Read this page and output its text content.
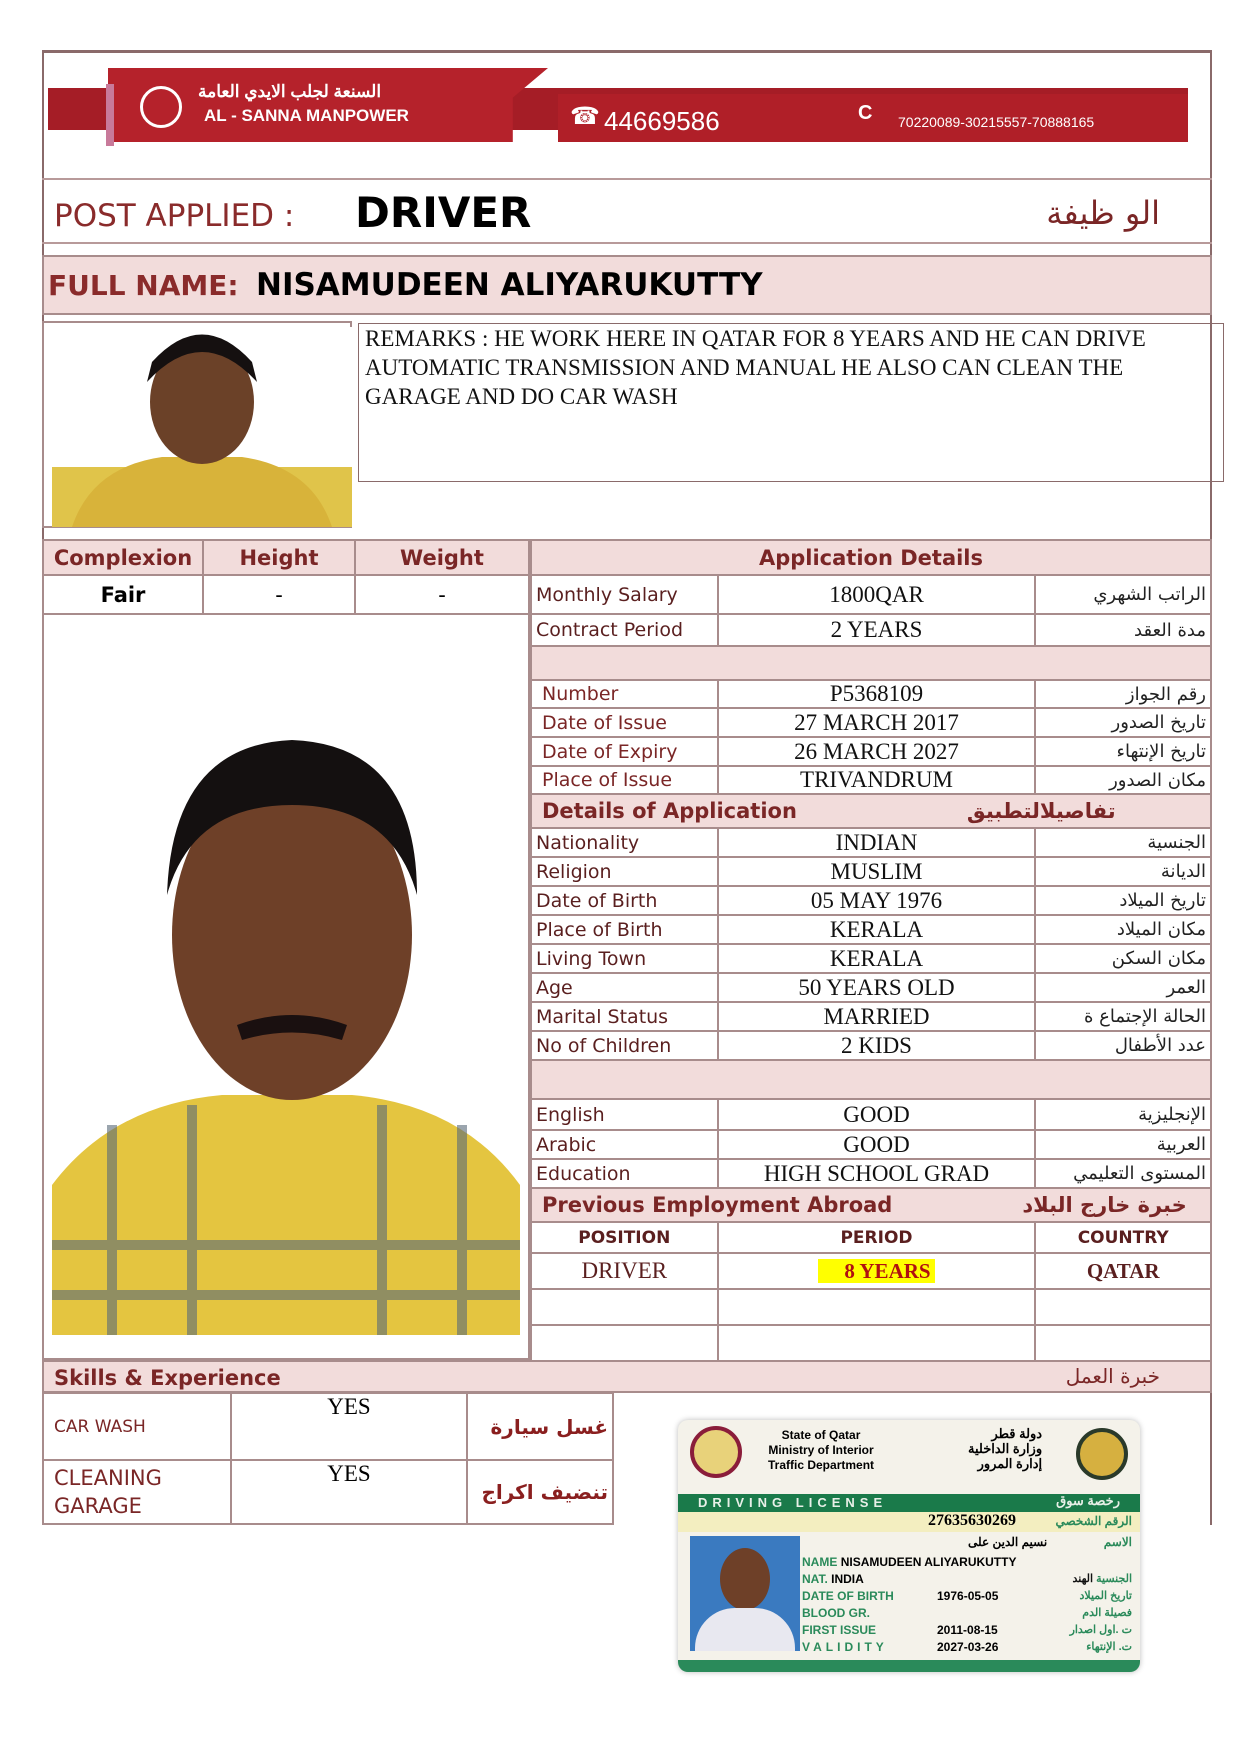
السنعة لجلب الايدي العامة
AL - SANNA MANPOWER	☎ 44669586	C 70220089-30215557-70888165
POST APPLIED : DRIVER	الو ظيفة
FULL NAME: NISAMUDEEN ALIYARUKUTTY
REMARKS : HE WORK HERE IN QATAR FOR 8 YEARS AND HE CAN DRIVE AUTOMATIC TRANSMISSION AND MANUAL HE ALSO CAN CLEAN THE GARAGE AND DO CAR WASH
Complexion	Height	Weight
Fair	-	-
Application Details		
Monthly Salary	1800QAR	الراتب الشهري
Contract Period	2 YEARS	مدة العقد

Number	P5368109	رقم الجواز
Date of Issue	27 MARCH 2017	تاريخ الصدور
Date of Expiry	26 MARCH 2027	تاريخ الإنتهاء
Place of Issue	TRIVANDRUM	مكان الصدور
Details of Application تفاصيلالتطبيق		
Nationality	INDIAN	الجنسية
Religion	MUSLIM	الديانة
Date of Birth	05 MAY 1976	تاريخ الميلاد
Place of Birth	KERALA	مكان الميلاد
Living Town	KERALA	مكان السكن
Age	50 YEARS OLD	العمر
Marital Status	MARRIED	الحالة الإجتماع ة
No of Children	2 KIDS	عدد الأطفال

English	GOOD	الإنجليزية
Arabic	GOOD	العربية
Education	HIGH SCHOOL GRAD	المستوى التعليمي
Previous Employment Abroad خبرة خارج البلاد		
POSITION	PERIOD	COUNTRY
DRIVER	8 YEARS	QATAR

Skills & Experience	خبرة العمل
CAR WASH	YES	غسل سيارة
CLEANING GARAGE	YES	تنضيف اكراج
State of Qatar
Ministry of Interior
Traffic Department
دولة قطر
وزارة الداخلية
إدارة المرور
DRIVING LICENSE	رخصة سوق
27635630269	الرقم الشخصي
نسيم الدين على	الاسم
NAME NISAMUDEEN ALIYARUKUTTY
NAT. INDIA
DATE OF BIRTH	1976-05-05
BLOOD GR.
FIRST ISSUE	2011-08-15
VALIDITY	2027-03-26

الجنسية الهند
تاريخ الميلاد
فصيلة الدم
ت .اول اصدار
ت. الإنتهاء
